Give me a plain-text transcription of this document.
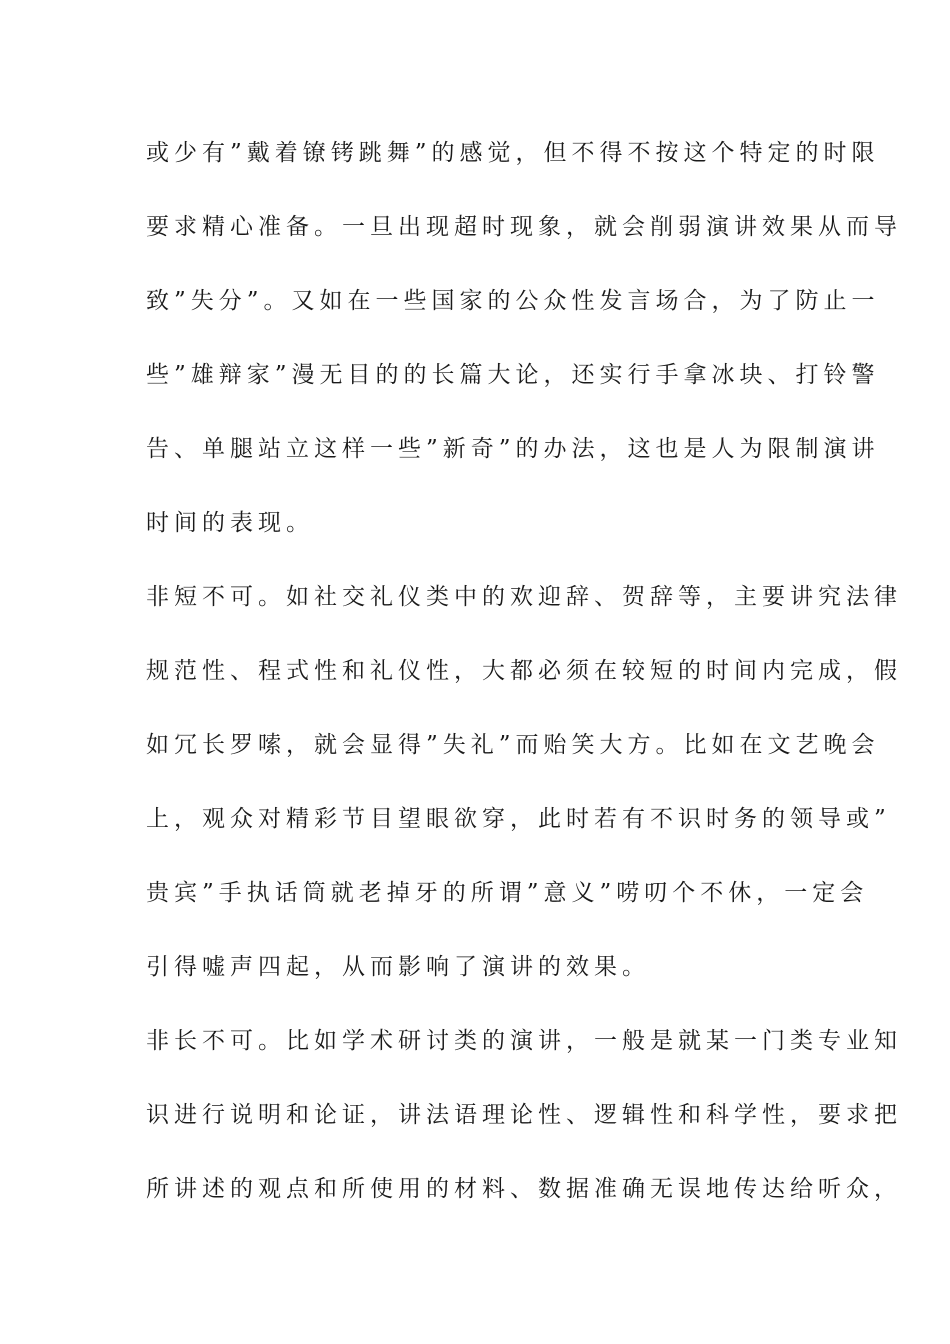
或少有”戴着镣铐跳舞”的感觉，但不得不按这个特定的时限
要求精心准备。一旦出现超时现象，就会削弱演讲效果从而导
致”失分”。又如在一些国家的公众性发言场合，为了防止一
些”雄辩家”漫无目的的长篇大论，还实行手拿冰块、打铃警
告、单腿站立这样一些”新奇”的办法，这也是人为限制演讲
时间的表现。
非短不可。如社交礼仪类中的欢迎辞、贺辞等，主要讲究法律
规范性、程式性和礼仪性，大都必须在较短的时间内完成，假
如冗长罗嗦，就会显得”失礼”而贻笑大方。比如在文艺晚会
上，观众对精彩节目望眼欲穿，此时若有不识时务的领导或”
贵宾”手执话筒就老掉牙的所谓”意义”唠叨个不休，一定会
引得嘘声四起，从而影响了演讲的效果。
非长不可。比如学术研讨类的演讲，一般是就某一门类专业知
识进行说明和论证，讲法语理论性、逻辑性和科学性，要求把
所讲述的观点和所使用的材料、数据准确无误地传达给听众，
